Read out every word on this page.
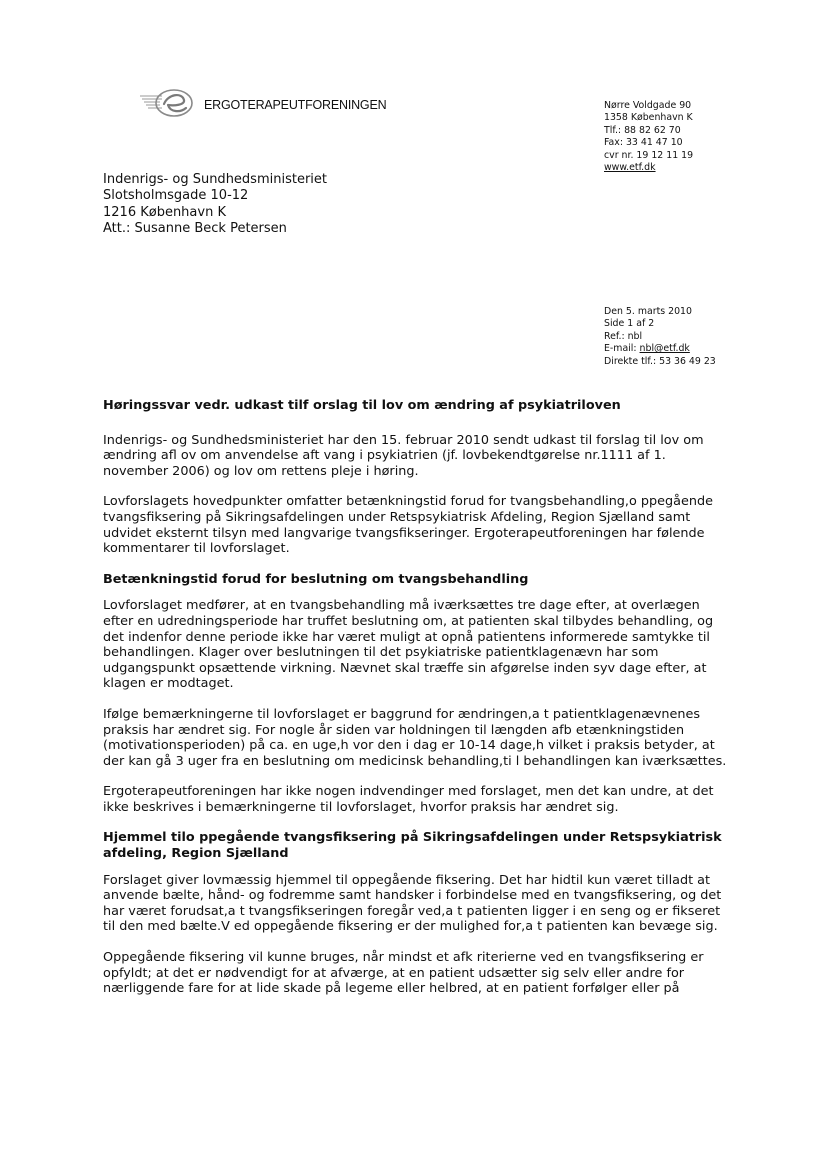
ERGOTERAPEUTFORENINGEN	Nørre Voldgade 90
1358 København K
Tlf.: 88 82 62 70
Fax: 33 41 47 10
cvr nr. 19 12 11 19
www.etf.dk
Indenrigs- og Sundhedsministeriet
Slotsholmsgade 10-12
1216 København K
Att.: Susanne Beck Petersen
Den 5. marts 2010
Side 1 af 2
Ref.: nbl
E-mail: nbl@etf.dk
Direkte tlf.: 53 36 49 23
Høringssvar vedr. udkast tilf orslag til lov om ændring af psykiatriloven

Indenrigs- og Sundhedsministeriet har den 15. februar 2010 sendt udkast til forslag til lov om ændring afl ov om anvendelse aft vang i psykiatrien (jf. lovbekendtgørelse nr.1111 af 1. november 2006) og lov om rettens pleje i høring.

Lovforslagets hovedpunkter omfatter betænkningstid forud for tvangsbehandling,o ppegående tvangsfiksering på Sikringsafdelingen under Retspsykiatrisk Afdeling, Region Sjælland samt udvidet eksternt tilsyn med langvarige tvangsfikseringer. Ergoterapeutforeningen har følende kommentarer til lovforslaget.

Betænkningstid forud for beslutning om tvangsbehandling

Lovforslaget medfører, at en tvangsbehandling må iværksættes tre dage efter, at overlægen efter en udredningsperiode har truffet beslutning om, at patienten skal tilbydes behandling, og det indenfor denne periode ikke har været muligt at opnå patientens informerede samtykke til behandlingen. Klager over beslutningen til det psykiatriske patientklagenævn har som udgangspunkt opsættende virkning. Nævnet skal træffe sin afgørelse inden syv dage efter, at klagen er modtaget.

Ifølge bemærkningerne til lovforslaget er baggrund for ændringen,a t patientklagenævnenes praksis har ændret sig. For nogle år siden var holdningen til længden afb etænkningstiden (motivationsperioden) på ca. en uge,h vor den i dag er 10-14 dage,h vilket i praksis betyder, at der kan gå 3 uger fra en beslutning om medicinsk behandling,ti l behandlingen kan iværksættes.

Ergoterapeutforeningen har ikke nogen indvendinger med forslaget, men det kan undre, at det ikke beskrives i bemærkningerne til lovforslaget, hvorfor praksis har ændret sig.

Hjemmel tilo ppegående tvangsfiksering på Sikringsafdelingen under Retspsykiatrisk afdeling, Region Sjælland

Forslaget giver lovmæssig hjemmel til oppegående fiksering. Det har hidtil kun været tilladt at anvende bælte, hånd- og fodremme samt handsker i forbindelse med en tvangsfiksering, og det har været forudsat,a t tvangsfikseringen foregår ved,a t patienten ligger i en seng og er fikseret til den med bælte.V ed oppegående fiksering er der mulighed for,a t patienten kan bevæge sig.

Oppegående fiksering vil kunne bruges, når mindst et afk riterierne ved en tvangsfiksering er opfyldt; at det er nødvendigt for at afværge, at en patient udsætter sig selv eller andre for nærliggende fare for at lide skade på legeme eller helbred, at en patient forfølger eller på
